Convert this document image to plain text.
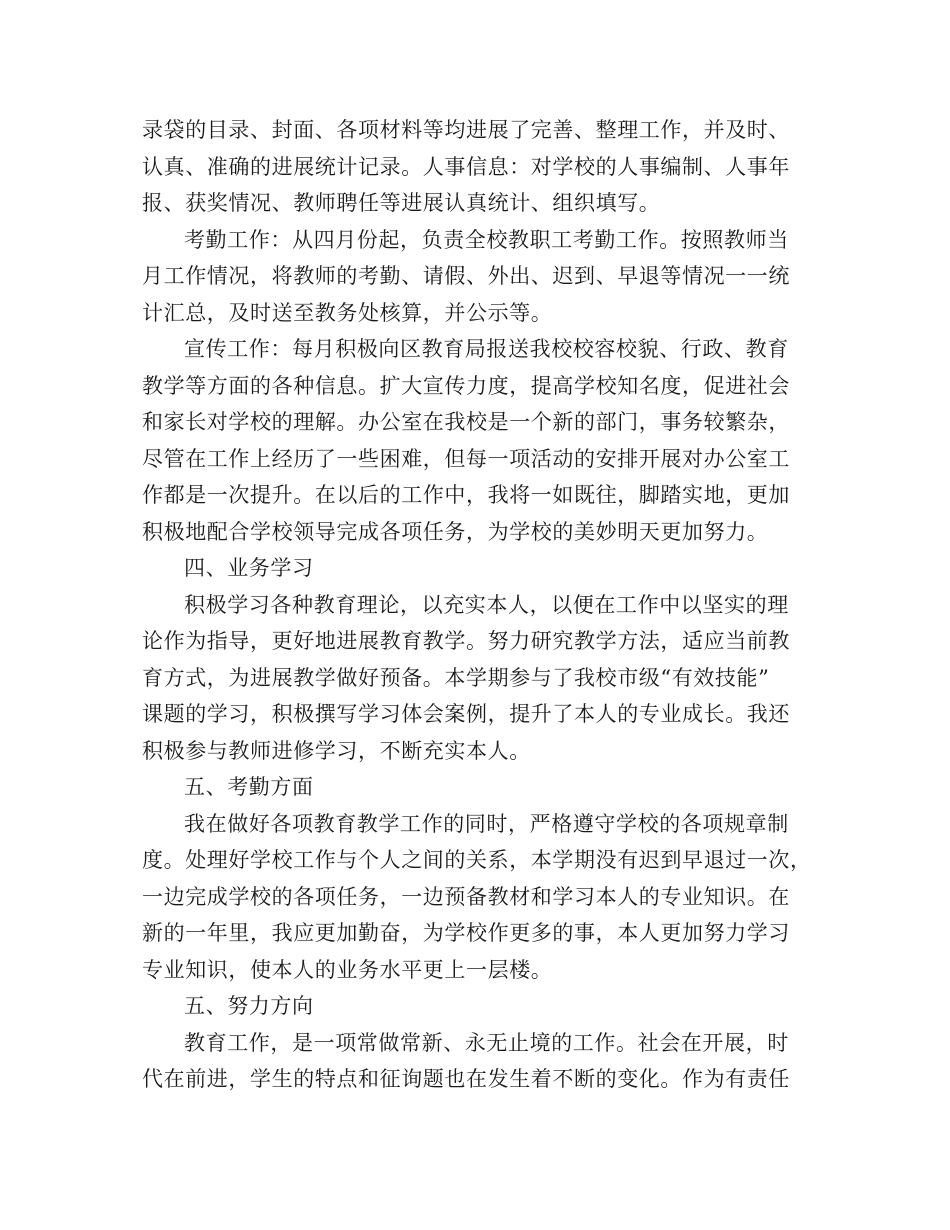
录袋的目录、封面、各项材料等均进展了完善、整理工作，并及时、
认真、准确的进展统计记录。人事信息：对学校的人事编制、人事年
报、获奖情况、教师聘任等进展认真统计、组织填写。
考勤工作：从四月份起，负责全校教职工考勤工作。按照教师当
月工作情况，将教师的考勤、请假、外出、迟到、早退等情况一一统
计汇总，及时送至教务处核算，并公示等。
宣传工作：每月积极向区教育局报送我校校容校貌、行政、教育
教学等方面的各种信息。扩大宣传力度，提高学校知名度，促进社会
和家长对学校的理解。办公室在我校是一个新的部门，事务较繁杂，
尽管在工作上经历了一些困难，但每一项活动的安排开展对办公室工
作都是一次提升。在以后的工作中，我将一如既往，脚踏实地，更加
积极地配合学校领导完成各项任务，为学校的美妙明天更加努力。
四、业务学习
积极学习各种教育理论，以充实本人，以便在工作中以坚实的理
论作为指导，更好地进展教育教学。努力研究教学方法，适应当前教
育方式，为进展教学做好预备。本学期参与了我校市级“有效技能”
课题的学习，积极撰写学习体会案例，提升了本人的专业成长。我还
积极参与教师进修学习，不断充实本人。
五、考勤方面
我在做好各项教育教学工作的同时，严格遵守学校的各项规章制
度。处理好学校工作与个人之间的关系，本学期没有迟到早退过一次，
一边完成学校的各项任务，一边预备教材和学习本人的专业知识。在
新的一年里，我应更加勤奋，为学校作更多的事，本人更加努力学习
专业知识，使本人的业务水平更上一层楼。
五、努力方向
教育工作，是一项常做常新、永无止境的工作。社会在开展，时
代在前进，学生的特点和征询题也在发生着不断的变化。作为有责任
